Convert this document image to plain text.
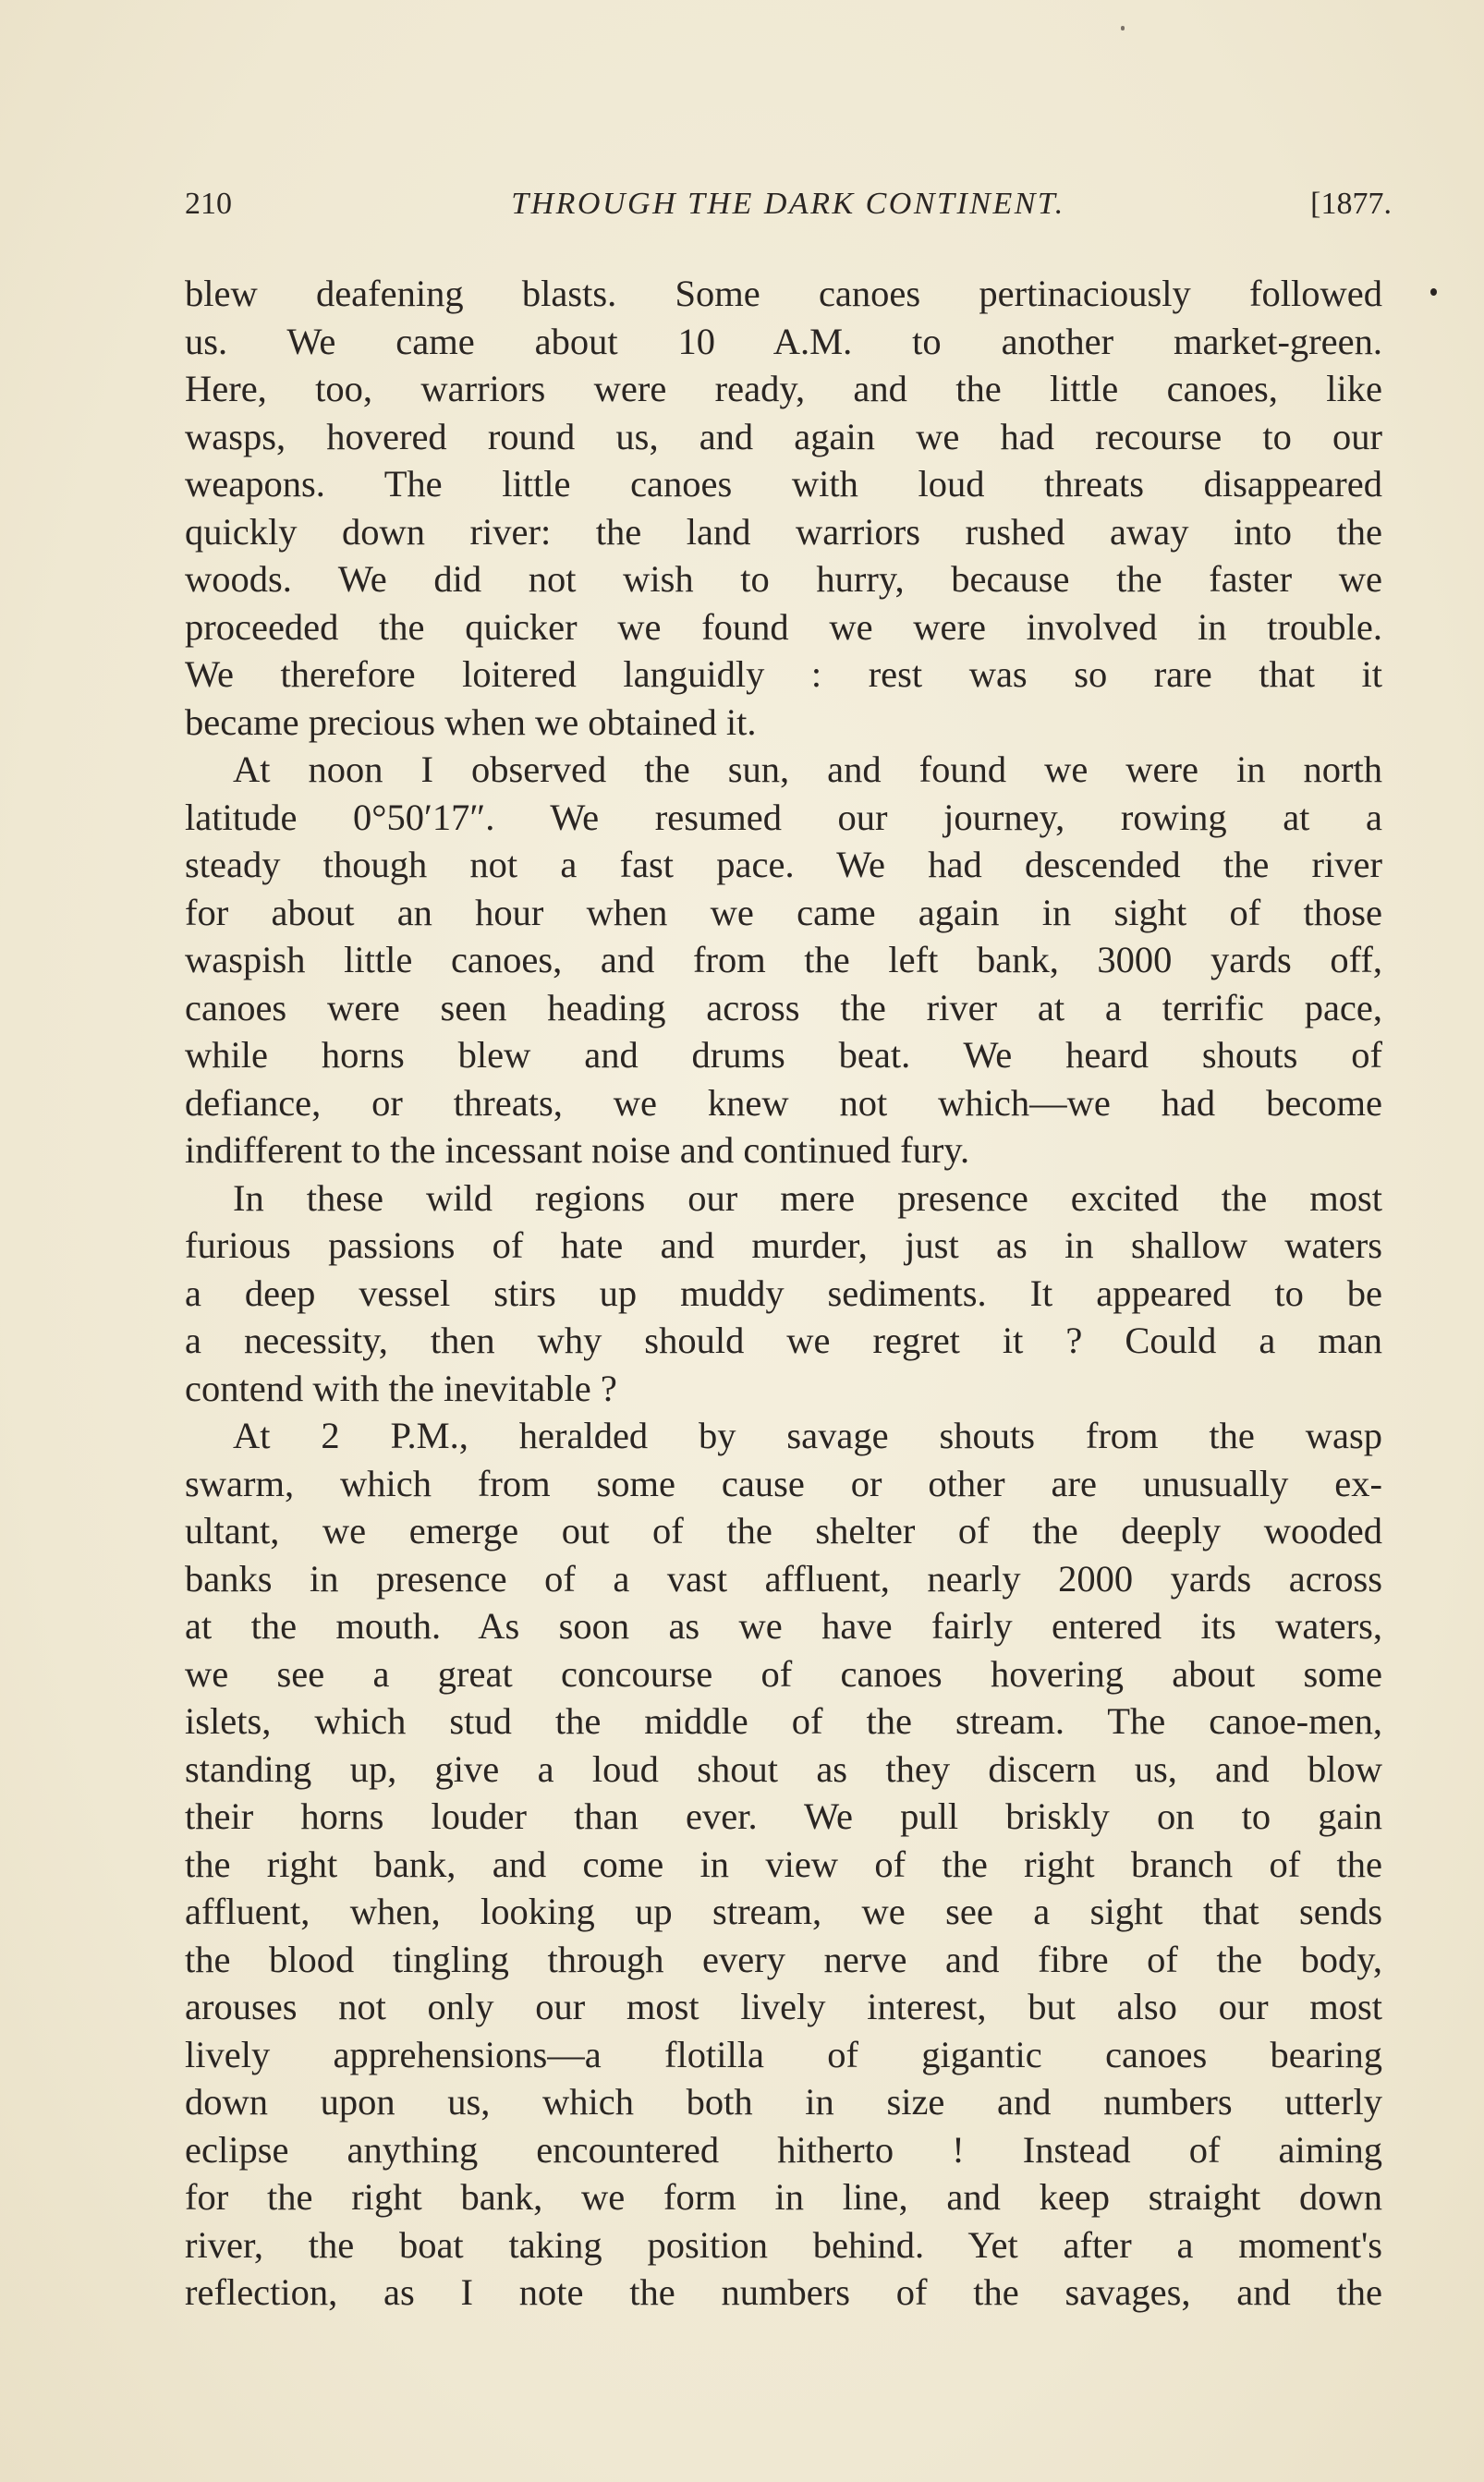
210	THROUGH THE DARK CONTINENT.	[1877.
blew deafening blasts. Some canoes pertinaciously followed
us. We came about 10 A.M. to another market-green.
Here, too, warriors were ready, and the little canoes, like
wasps, hovered round us, and again we had recourse to our
weapons. The little canoes with loud threats disappeared
quickly down river: the land warriors rushed away into the
woods. We did not wish to hurry, because the faster we
proceeded the quicker we found we were involved in trouble.
We therefore loitered languidly : rest was so rare that it
became precious when we obtained it.
At noon I observed the sun, and found we were in north
latitude 0°50′17″. We resumed our journey, rowing at a
steady though not a fast pace. We had descended the river
for about an hour when we came again in sight of those
waspish little canoes, and from the left bank, 3000 yards off,
canoes were seen heading across the river at a terrific pace,
while horns blew and drums beat. We heard shouts of
defiance, or threats, we knew not which—we had become
indifferent to the incessant noise and continued fury.
In these wild regions our mere presence excited the most
furious passions of hate and murder, just as in shallow waters
a deep vessel stirs up muddy sediments. It appeared to be
a necessity, then why should we regret it ? Could a man
contend with the inevitable ?
At 2 P.M., heralded by savage shouts from the wasp
swarm, which from some cause or other are unusually ex-
ultant, we emerge out of the shelter of the deeply wooded
banks in presence of a vast affluent, nearly 2000 yards across
at the mouth. As soon as we have fairly entered its waters,
we see a great concourse of canoes hovering about some
islets, which stud the middle of the stream. The canoe-men,
standing up, give a loud shout as they discern us, and blow
their horns louder than ever. We pull briskly on to gain
the right bank, and come in view of the right branch of the
affluent, when, looking up stream, we see a sight that sends
the blood tingling through every nerve and fibre of the body,
arouses not only our most lively interest, but also our most
lively apprehensions—a flotilla of gigantic canoes bearing
down upon us, which both in size and numbers utterly
eclipse anything encountered hitherto ! Instead of aiming
for the right bank, we form in line, and keep straight down
river, the boat taking position behind. Yet after a moment's
reflection, as I note the numbers of the savages, and the
